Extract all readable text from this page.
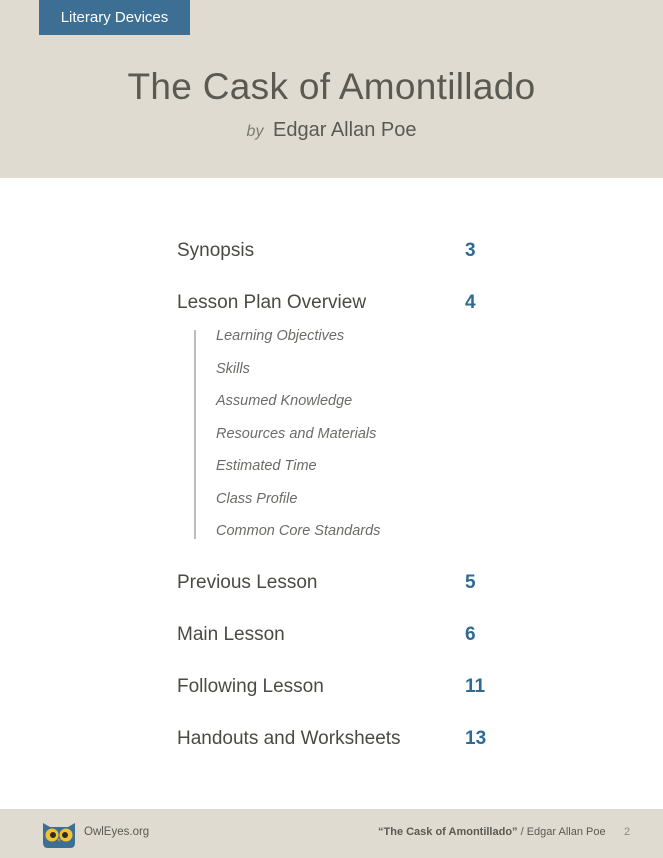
Literary Devices
The Cask of Amontillado
by Edgar Allan Poe
Synopsis	3
Lesson Plan Overview	4
Learning Objectives
Skills
Assumed Knowledge
Resources and Materials
Estimated Time
Class Profile
Common Core Standards
Previous Lesson	5
Main Lesson	6
Following Lesson	11
Handouts and Worksheets	13
OwlEyes.org	“The Cask of Amontillado” / Edgar Allan Poe 2
